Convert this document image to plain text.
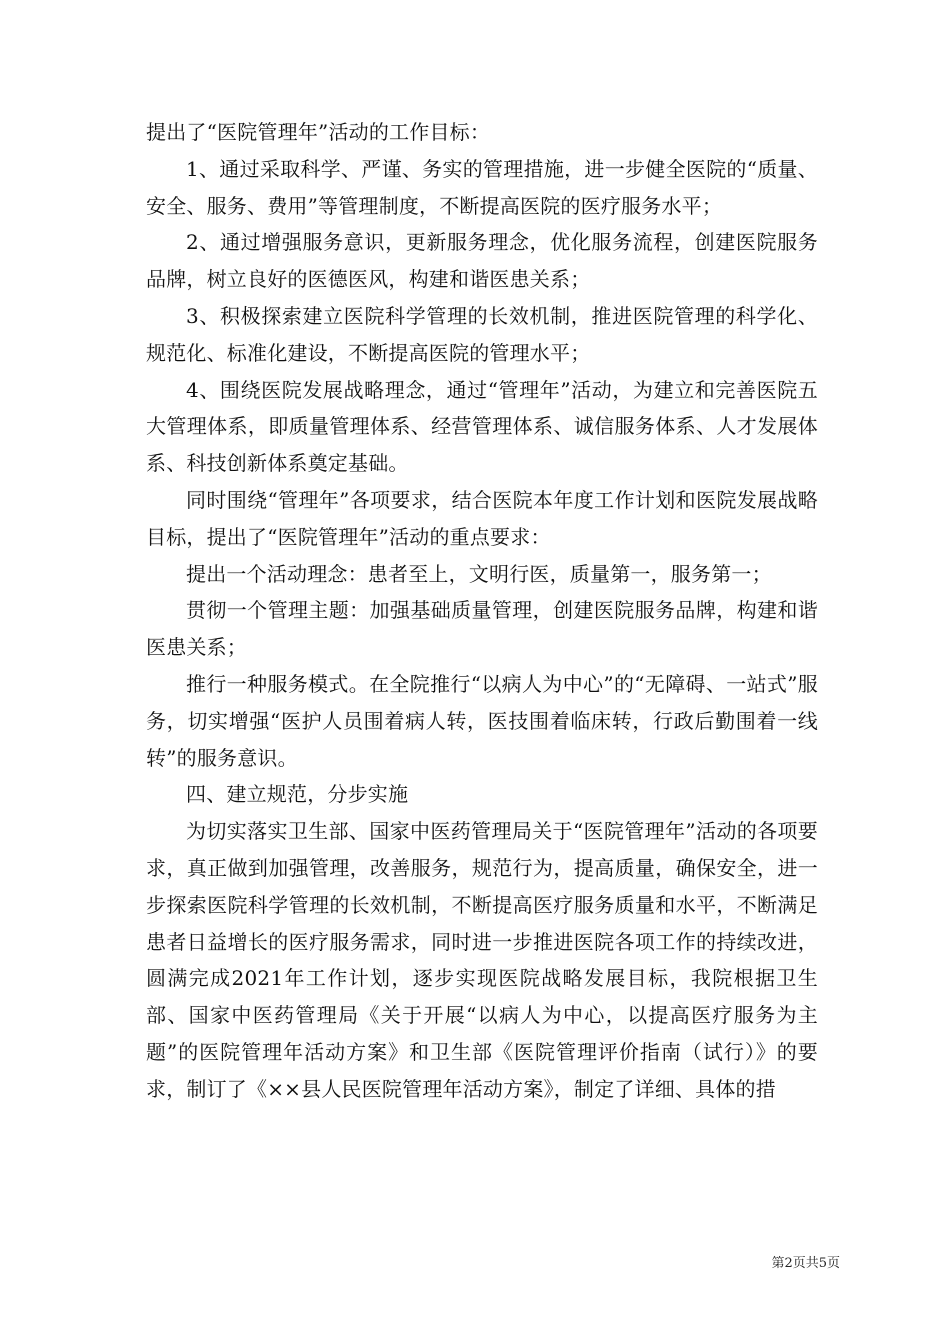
提出了“医院管理年”活动的工作目标：

1、通过采取科学、严谨、务实的管理措施，进一步健全医院的“质量、安全、服务、费用”等管理制度，不断提高医院的医疗服务水平；

2、通过增强服务意识，更新服务理念，优化服务流程，创建医院服务品牌，树立良好的医德医风，构建和谐医患关系；

3、积极探索建立医院科学管理的长效机制，推进医院管理的科学化、规范化、标准化建设，不断提高医院的管理水平；

4、围绕医院发展战略理念，通过“管理年”活动，为建立和完善医院五大管理体系，即质量管理体系、经营管理体系、诚信服务体系、人才发展体系、科技创新体系奠定基础。

同时围绕“管理年”各项要求，结合医院本年度工作计划和医院发展战略目标，提出了“医院管理年”活动的重点要求：

提出一个活动理念：患者至上，文明行医，质量第一，服务第一；

贯彻一个管理主题：加强基础质量管理，创建医院服务品牌，构建和谐医患关系；

推行一种服务模式。在全院推行“以病人为中心”的“无障碍、一站式”服务，切实增强“医护人员围着病人转，医技围着临床转，行政后勤围着一线转”的服务意识。

四、建立规范，分步实施

为切实落实卫生部、国家中医药管理局关于“医院管理年”活动的各项要求，真正做到加强管理，改善服务，规范行为，提高质量，确保安全，进一步探索医院科学管理的长效机制，不断提高医疗服务质量和水平，不断满足患者日益增长的医疗服务需求，同时进一步推进医院各项工作的持续改进，圆满完成2021年工作计划，逐步实现医院战略发展目标，我院根据卫生部、国家中医药管理局《关于开展“以病人为中心，以提高医疗服务为主题”的医院管理年活动方案》和卫生部《医院管理评价指南（试行）》的要求，制订了《××县人民医院管理年活动方案》，制定了详细、具体的措

第2页共5页
